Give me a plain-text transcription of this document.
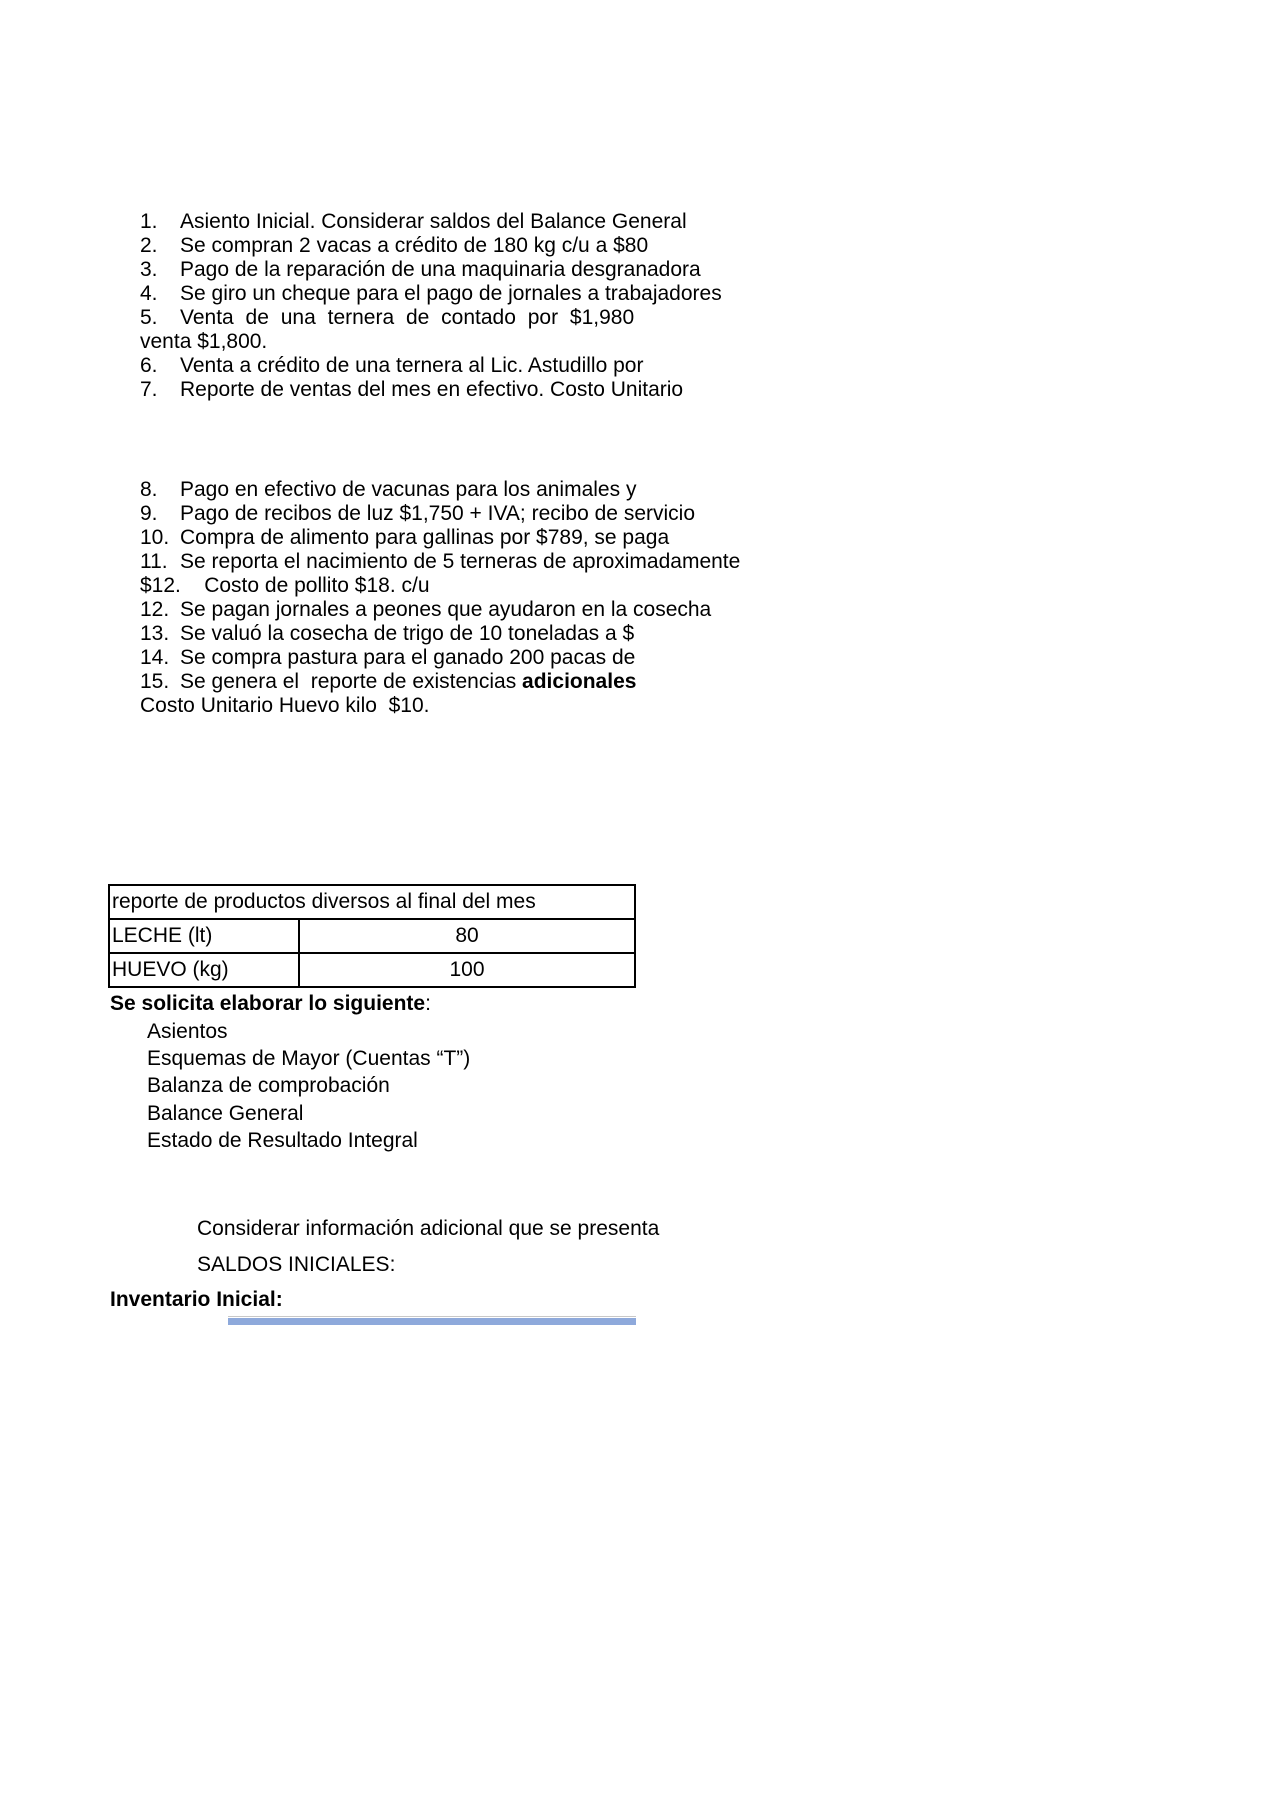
1. Asiento Inicial. Considerar saldos del Balance General
2. Se compran 2 vacas a crédito de 180 kg c/u a $80
3. Pago de la reparación de una maquinaria desgranadora
4. Se giro un cheque para el pago de jornales a trabajadores
5. Venta de una ternera de contado por $1,980
venta $1,800.
6. Venta a crédito de una ternera al Lic. Astudillo por
7. Reporte de ventas del mes en efectivo. Costo Unitario
8. Pago en efectivo de vacunas para los animales y
9. Pago de recibos de luz $1,750 + IVA; recibo de servicio
10. Compra de alimento para gallinas por $789, se paga
11. Se reporta el nacimiento de 5 terneras de aproximadamente
$12.    Costo de pollito $18. c/u
12. Se pagan jornales a peones que ayudaron en la cosecha
13. Se valuó la cosecha de trigo de 10 toneladas a $
14. Se compra pastura para el ganado 200 pacas de
15. Se genera el  reporte de existencias adicionales
Costo Unitario Huevo kilo  $10.
reporte de productos diversos al final del mes	
LECHE (lt)	80
HUEVO (kg)	100
Se solicita elaborar lo siguiente:
Asientos
Esquemas de Mayor (Cuentas “T”)
Balanza de comprobación
Balance General
Estado de Resultado Integral
Considerar información adicional que se presenta
SALDOS INICIALES:
Inventario Inicial:
